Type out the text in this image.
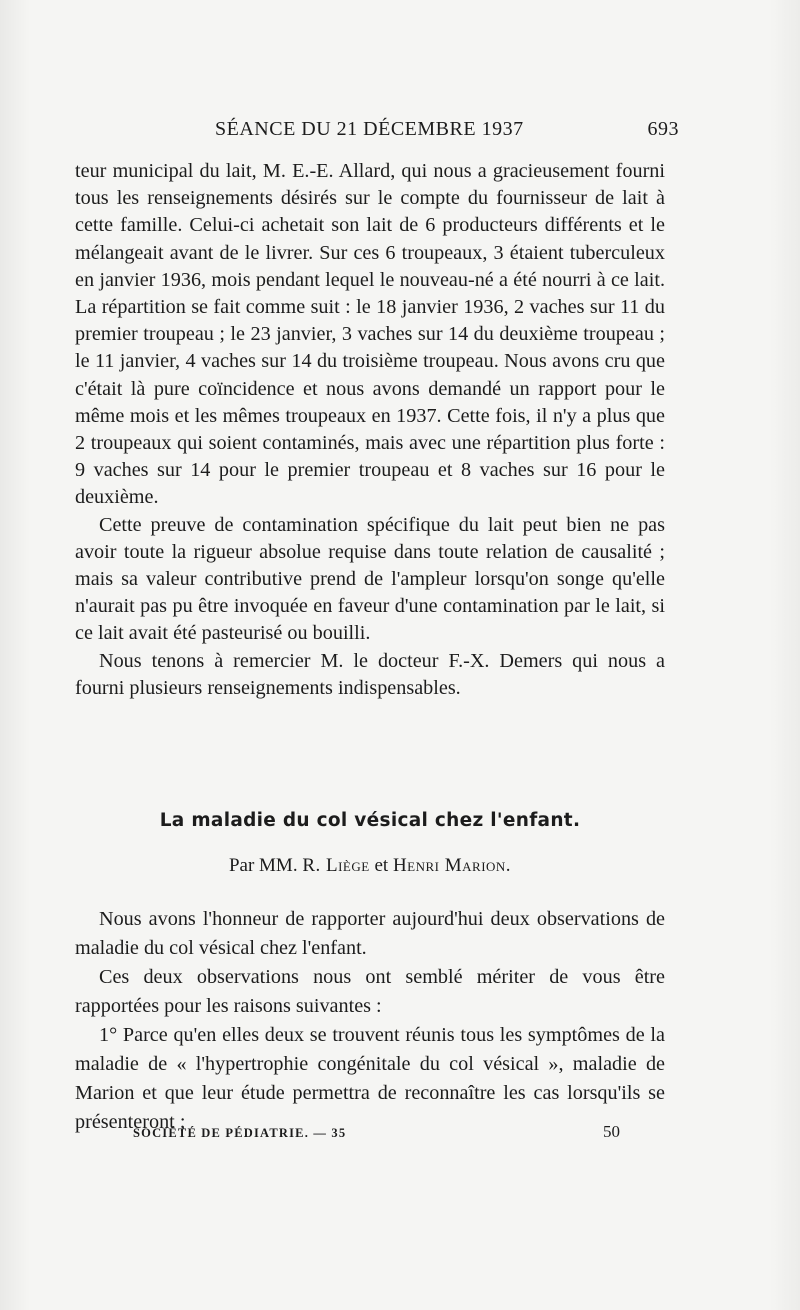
SÉANCE DU 21 DÉCEMBRE 1937	693

teur municipal du lait, M. E.-E. Allard, qui nous a gracieusement fourni tous les renseignements désirés sur le compte du fournisseur de lait à cette famille. Celui-ci achetait son lait de 6 producteurs différents et le mélangeait avant de le livrer. Sur ces 6 troupeaux, 3 étaient tuberculeux en janvier 1936, mois pendant lequel le nouveau-né a été nourri à ce lait. La répartition se fait comme suit : le 18 janvier 1936, 2 vaches sur 11 du premier troupeau ; le 23 janvier, 3 vaches sur 14 du deuxième troupeau ; le 11 janvier, 4 vaches sur 14 du troisième troupeau. Nous avons cru que c'était là pure coïncidence et nous avons demandé un rapport pour le même mois et les mêmes troupeaux en 1937. Cette fois, il n'y a plus que 2 troupeaux qui soient contaminés, mais avec une répartition plus forte : 9 vaches sur 14 pour le premier troupeau et 8 vaches sur 16 pour le deuxième.

Cette preuve de contamination spécifique du lait peut bien ne pas avoir toute la rigueur absolue requise dans toute relation de causalité ; mais sa valeur contributive prend de l'ampleur lorsqu'on songe qu'elle n'aurait pas pu être invoquée en faveur d'une contamination par le lait, si ce lait avait été pasteurisé ou bouilli.

Nous tenons à remercier M. le docteur F.-X. Demers qui nous a fourni plusieurs renseignements indispensables.

La maladie du col vésical chez l'enfant.
Par MM. R. Liège et Henri Marion.

Nous avons l'honneur de rapporter aujourd'hui deux observations de maladie du col vésical chez l'enfant.

Ces deux observations nous ont semblé mériter de vous être rapportées pour les raisons suivantes :

1° Parce qu'en elles deux se trouvent réunis tous les symptômes de la maladie de « l'hypertrophie congénitale du col vésical », maladie de Marion et que leur étude permettra de reconnaître les cas lorsqu'ils se présenteront ;

SOCIÉTÉ DE PÉDIATRIE. — 35	50
